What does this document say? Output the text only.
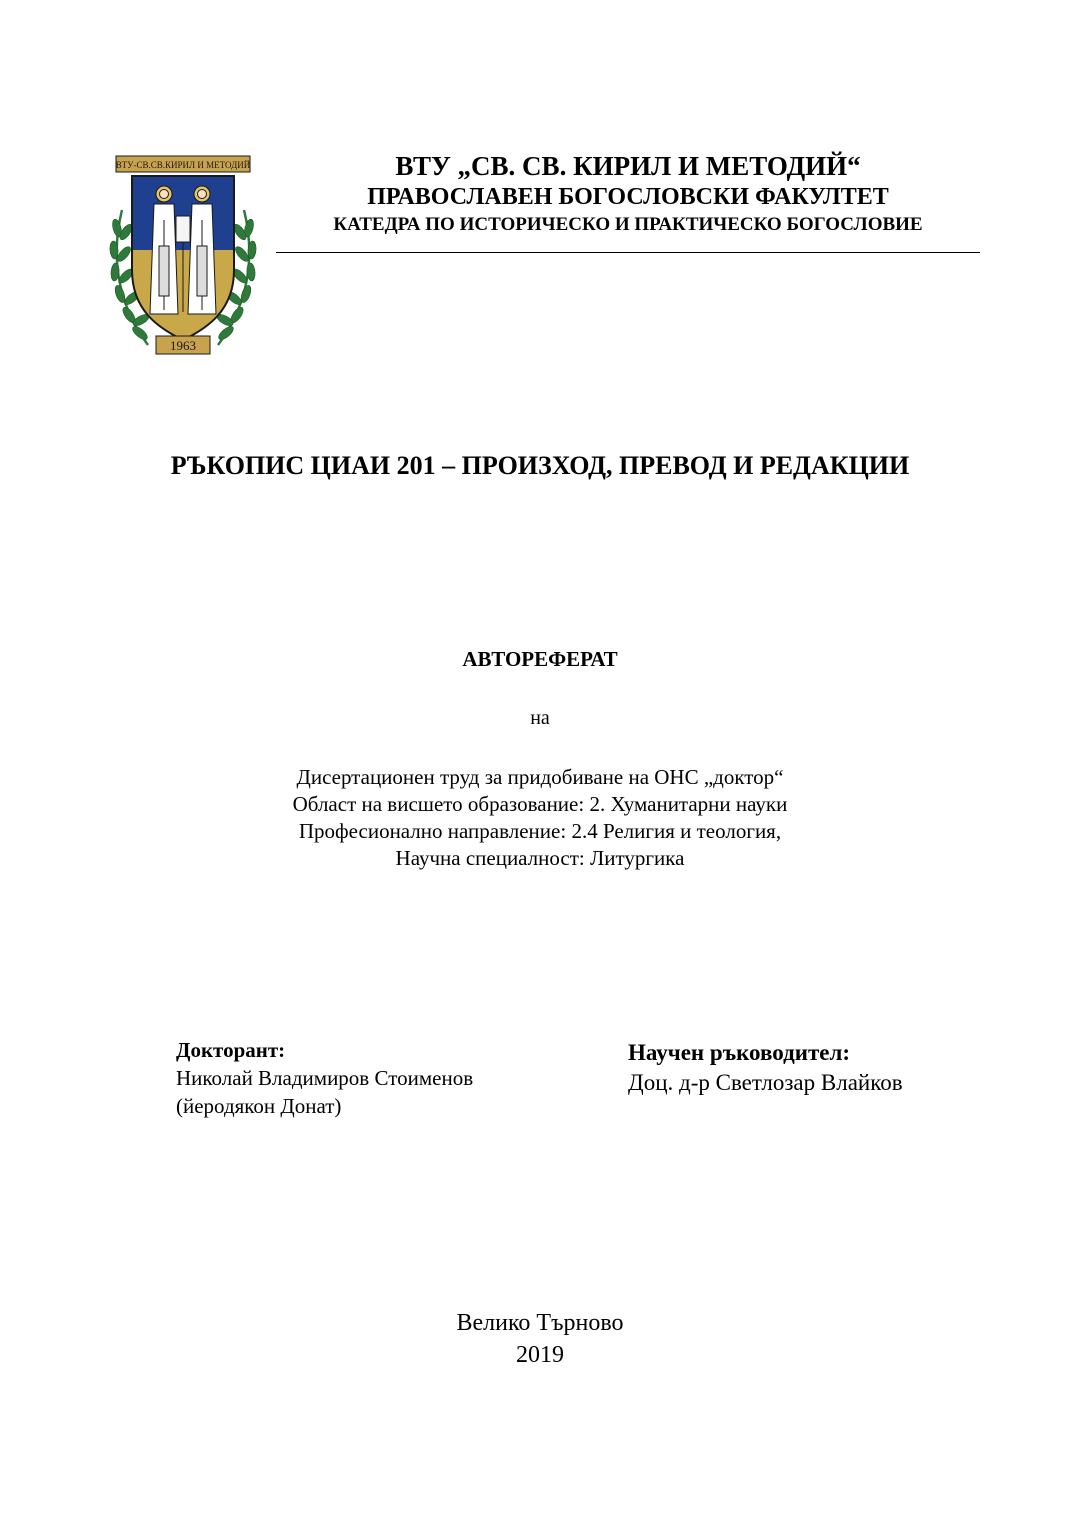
ВТУ-СВ.СВ.КИРИЛ И МЕТОДИЙ
1963
ВТУ „СВ. СВ. КИРИЛ И МЕТОДИЙ“
ПРАВОСЛАВЕН БОГОСЛОВСКИ ФАКУЛТЕТ
КАТЕДРА ПО ИСТОРИЧЕСКО И ПРАКТИЧЕСКО БОГОСЛОВИЕ
РЪКОПИС ЦИАИ 201 – ПРОИЗХОД, ПРЕВОД И РЕДАКЦИИ
АВТОРЕФЕРАТ
на
Дисертационен труд за придобиване на ОНС „доктор“
Област на висшето образование: 2. Хуманитарни науки
Професионално направление: 2.4 Религия и теология,
Научна специалност: Литургика
Докторант:
Николай Владимиров Стоименов
(йеродякон Донат)
Научен ръководител:
Доц. д-р Светлозар Влайков
Велико Търново
2019
